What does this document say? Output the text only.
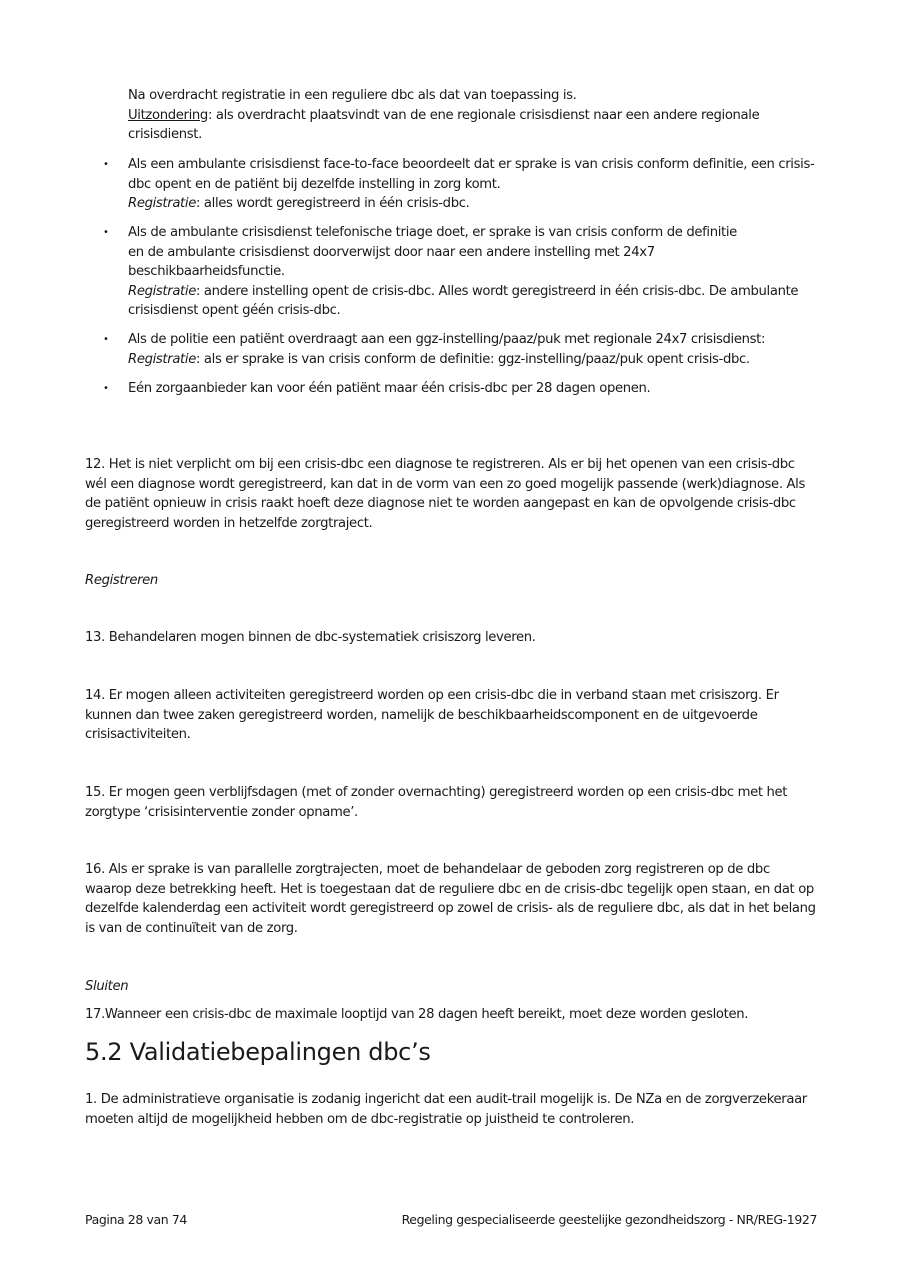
Na overdracht registratie in een reguliere dbc als dat van toepassing is.
Uitzondering: als overdracht plaatsvindt van de ene regionale crisisdienst naar een andere regionale crisisdienst.
• Als een ambulante crisisdienst face-to-face beoordeelt dat er sprake is van crisis conform definitie, een crisis-dbc opent en de patiënt bij dezelfde instelling in zorg komt.
Registratie: alles wordt geregistreerd in één crisis-dbc.
• Als de ambulante crisisdienst telefonische triage doet, er sprake is van crisis conform de definitie en de ambulante crisisdienst doorverwijst door naar een andere instelling met 24x7 beschikbaarheidsfunctie.
Registratie: andere instelling opent de crisis-dbc. Alles wordt geregistreerd in één crisis-dbc. De ambulante crisisdienst opent géén crisis-dbc.
• Als de politie een patiënt overdraagt aan een ggz-instelling/paaz/puk met regionale 24x7 crisisdienst:
Registratie: als er sprake is van crisis conform de definitie: ggz-instelling/paaz/puk opent crisis-dbc.
• Eén zorgaanbieder kan voor één patiënt maar één crisis-dbc per 28 dagen openen.
12. Het is niet verplicht om bij een crisis-dbc een diagnose te registreren. Als er bij het openen van een crisis-dbc wél een diagnose wordt geregistreerd, kan dat in de vorm van een zo goed mogelijk passende (werk)diagnose. Als de patiënt opnieuw in crisis raakt hoeft deze diagnose niet te worden aangepast en kan de opvolgende crisis-dbc geregistreerd worden in hetzelfde zorgtraject.
Registreren
13. Behandelaren mogen binnen de dbc-systematiek crisiszorg leveren.
14. Er mogen alleen activiteiten geregistreerd worden op een crisis-dbc die in verband staan met crisiszorg. Er kunnen dan twee zaken geregistreerd worden, namelijk de beschikbaarheidscomponent en de uitgevoerde crisisactiviteiten.
15. Er mogen geen verblijfsdagen (met of zonder overnachting) geregistreerd worden op een crisis-dbc met het zorgtype ‘crisisinterventie zonder opname’.
16. Als er sprake is van parallelle zorgtrajecten, moet de behandelaar de geboden zorg registreren op de dbc waarop deze betrekking heeft. Het is toegestaan dat de reguliere dbc en de crisis-dbc tegelijk open staan, en dat op dezelfde kalenderdag een activiteit wordt geregistreerd op zowel de crisis- als de reguliere dbc, als dat in het belang is van de continuïteit van de zorg.
Sluiten
17.Wanneer een crisis-dbc de maximale looptijd van 28 dagen heeft bereikt, moet deze worden gesloten.
5.2 Validatiebepalingen dbc’s
1. De administratieve organisatie is zodanig ingericht dat een audit-trail mogelijk is. De NZa en de zorgverzekeraar moeten altijd de mogelijkheid hebben om de dbc-registratie op juistheid te controleren.
Pagina 28 van 74	Regeling gespecialiseerde geestelijke gezondheidszorg - NR/REG-1927
